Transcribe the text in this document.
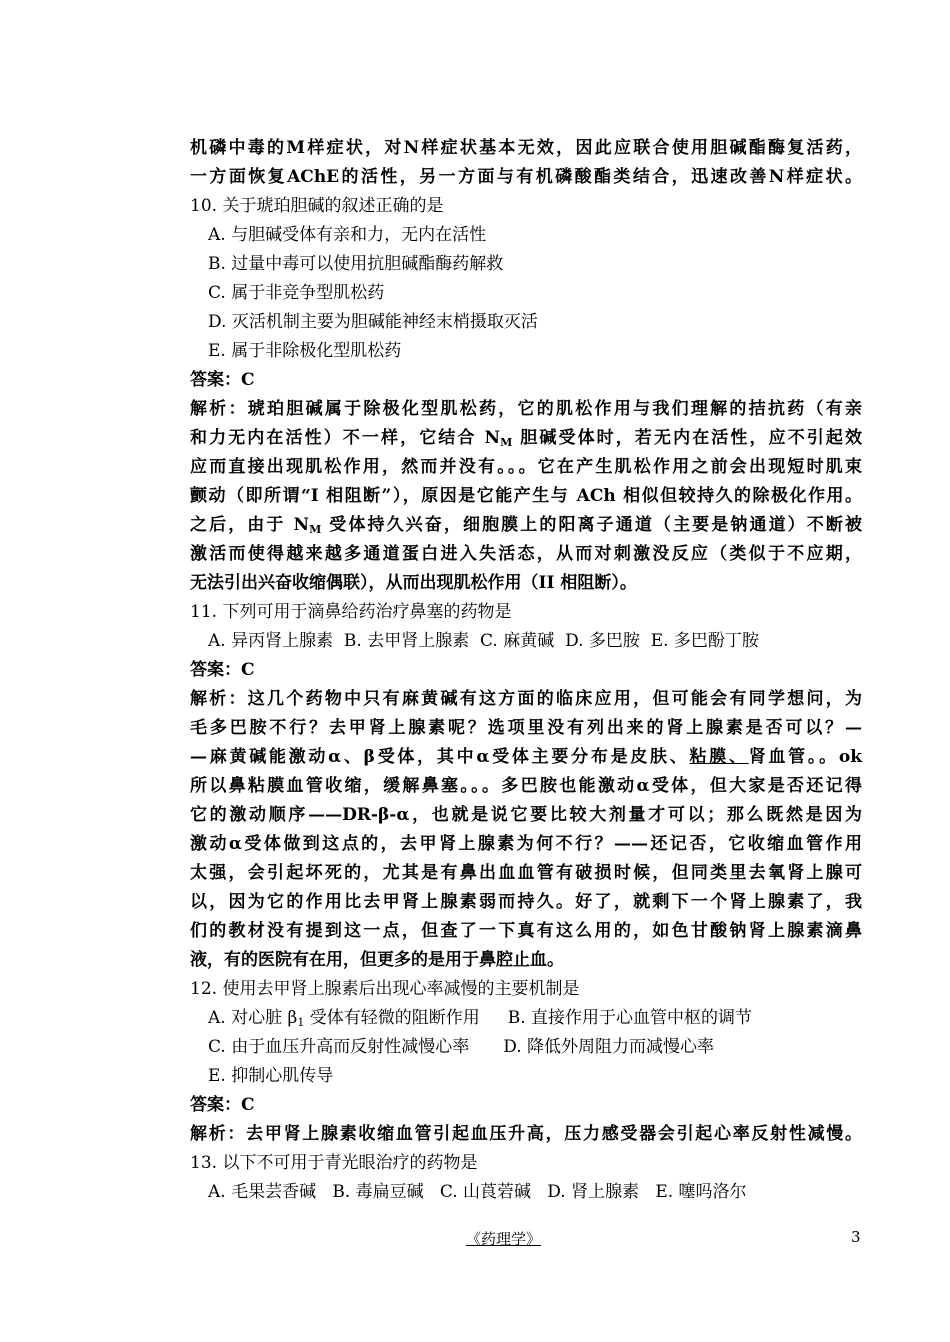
机磷中毒的M样症状，对N样症状基本无效，因此应联合使用胆碱酯酶复活药，
一方面恢复AChE的活性，另一方面与有机磷酸酯类结合，迅速改善N样症状。
10. 关于琥珀胆碱的叙述正确的是
A. 与胆碱受体有亲和力，无内在活性
B. 过量中毒可以使用抗胆碱酯酶药解救
C. 属于非竞争型肌松药
D. 灭活机制主要为胆碱能神经末梢摄取灭活
E. 属于非除极化型肌松药
答案：C
解析：琥珀胆碱属于除极化型肌松药，它的肌松作用与我们理解的拮抗药（有亲
和力无内在活性）不一样，它结合 $N_M$ 胆碱受体时，若无内在活性，应不引起效
应而直接出现肌松作用，然而并没有。。。它在产生肌松作用之前会出现短时肌束
颤动（即所谓“I 相阻断”），原因是它能产生与 ACh 相似但较持久的除极化作用。
之后，由于 $N_M$ 受体持久兴奋，细胞膜上的阳离子通道（主要是钠通道）不断被
激活而使得越来越多通道蛋白进入失活态，从而对刺激没反应（类似于不应期，
无法引出兴奋收缩偶联），从而出现肌松作用（II 相阻断）。
11. 下列可用于滴鼻给药治疗鼻塞的药物是
A. 异丙肾上腺素 B. 去甲肾上腺素 C. 麻黄碱 D. 多巴胺 E. 多巴酚丁胺
答案：C
解析：这几个药物中只有麻黄碱有这方面的临床应用，但可能会有同学想问，为
毛多巴胺不行？去甲肾上腺素呢？选项里没有列出来的肾上腺素是否可以？—
—麻黄碱能激动α、β受体，其中α受体主要分布是皮肤、粘膜、肾血管。。ok
所以鼻粘膜血管收缩，缓解鼻塞。。。多巴胺也能激动α受体，但大家是否还记得
它的激动顺序——DR-β-α，也就是说它要比较大剂量才可以；那么既然是因为
激动α受体做到这点的，去甲肾上腺素为何不行？——还记否，它收缩血管作用
太强，会引起坏死的，尤其是有鼻出血血管有破损时候，但同类里去氧肾上腺可
以，因为它的作用比去甲肾上腺素弱而持久。好了，就剩下一个肾上腺素了，我
们的教材没有提到这一点，但查了一下真有这么用的，如色甘酸钠肾上腺素滴鼻
液，有的医院有在用，但更多的是用于鼻腔止血。
12. 使用去甲肾上腺素后出现心率减慢的主要机制是
A. 对心脏 $\beta_1$ 受体有轻微的阻断作用 B. 直接作用于心血管中枢的调节
C. 由于血压升高而反射性减慢心率 D. 降低外周阻力而减慢心率
E. 抑制心肌传导
答案：C
解析：去甲肾上腺素收缩血管引起血压升高，压力感受器会引起心率反射性减慢。
13. 以下不可用于青光眼治疗的药物是
A. 毛果芸香碱 B. 毒扁豆碱 C. 山莨菪碱 D. 肾上腺素 E. 噻吗洛尔
《药理学》	3
